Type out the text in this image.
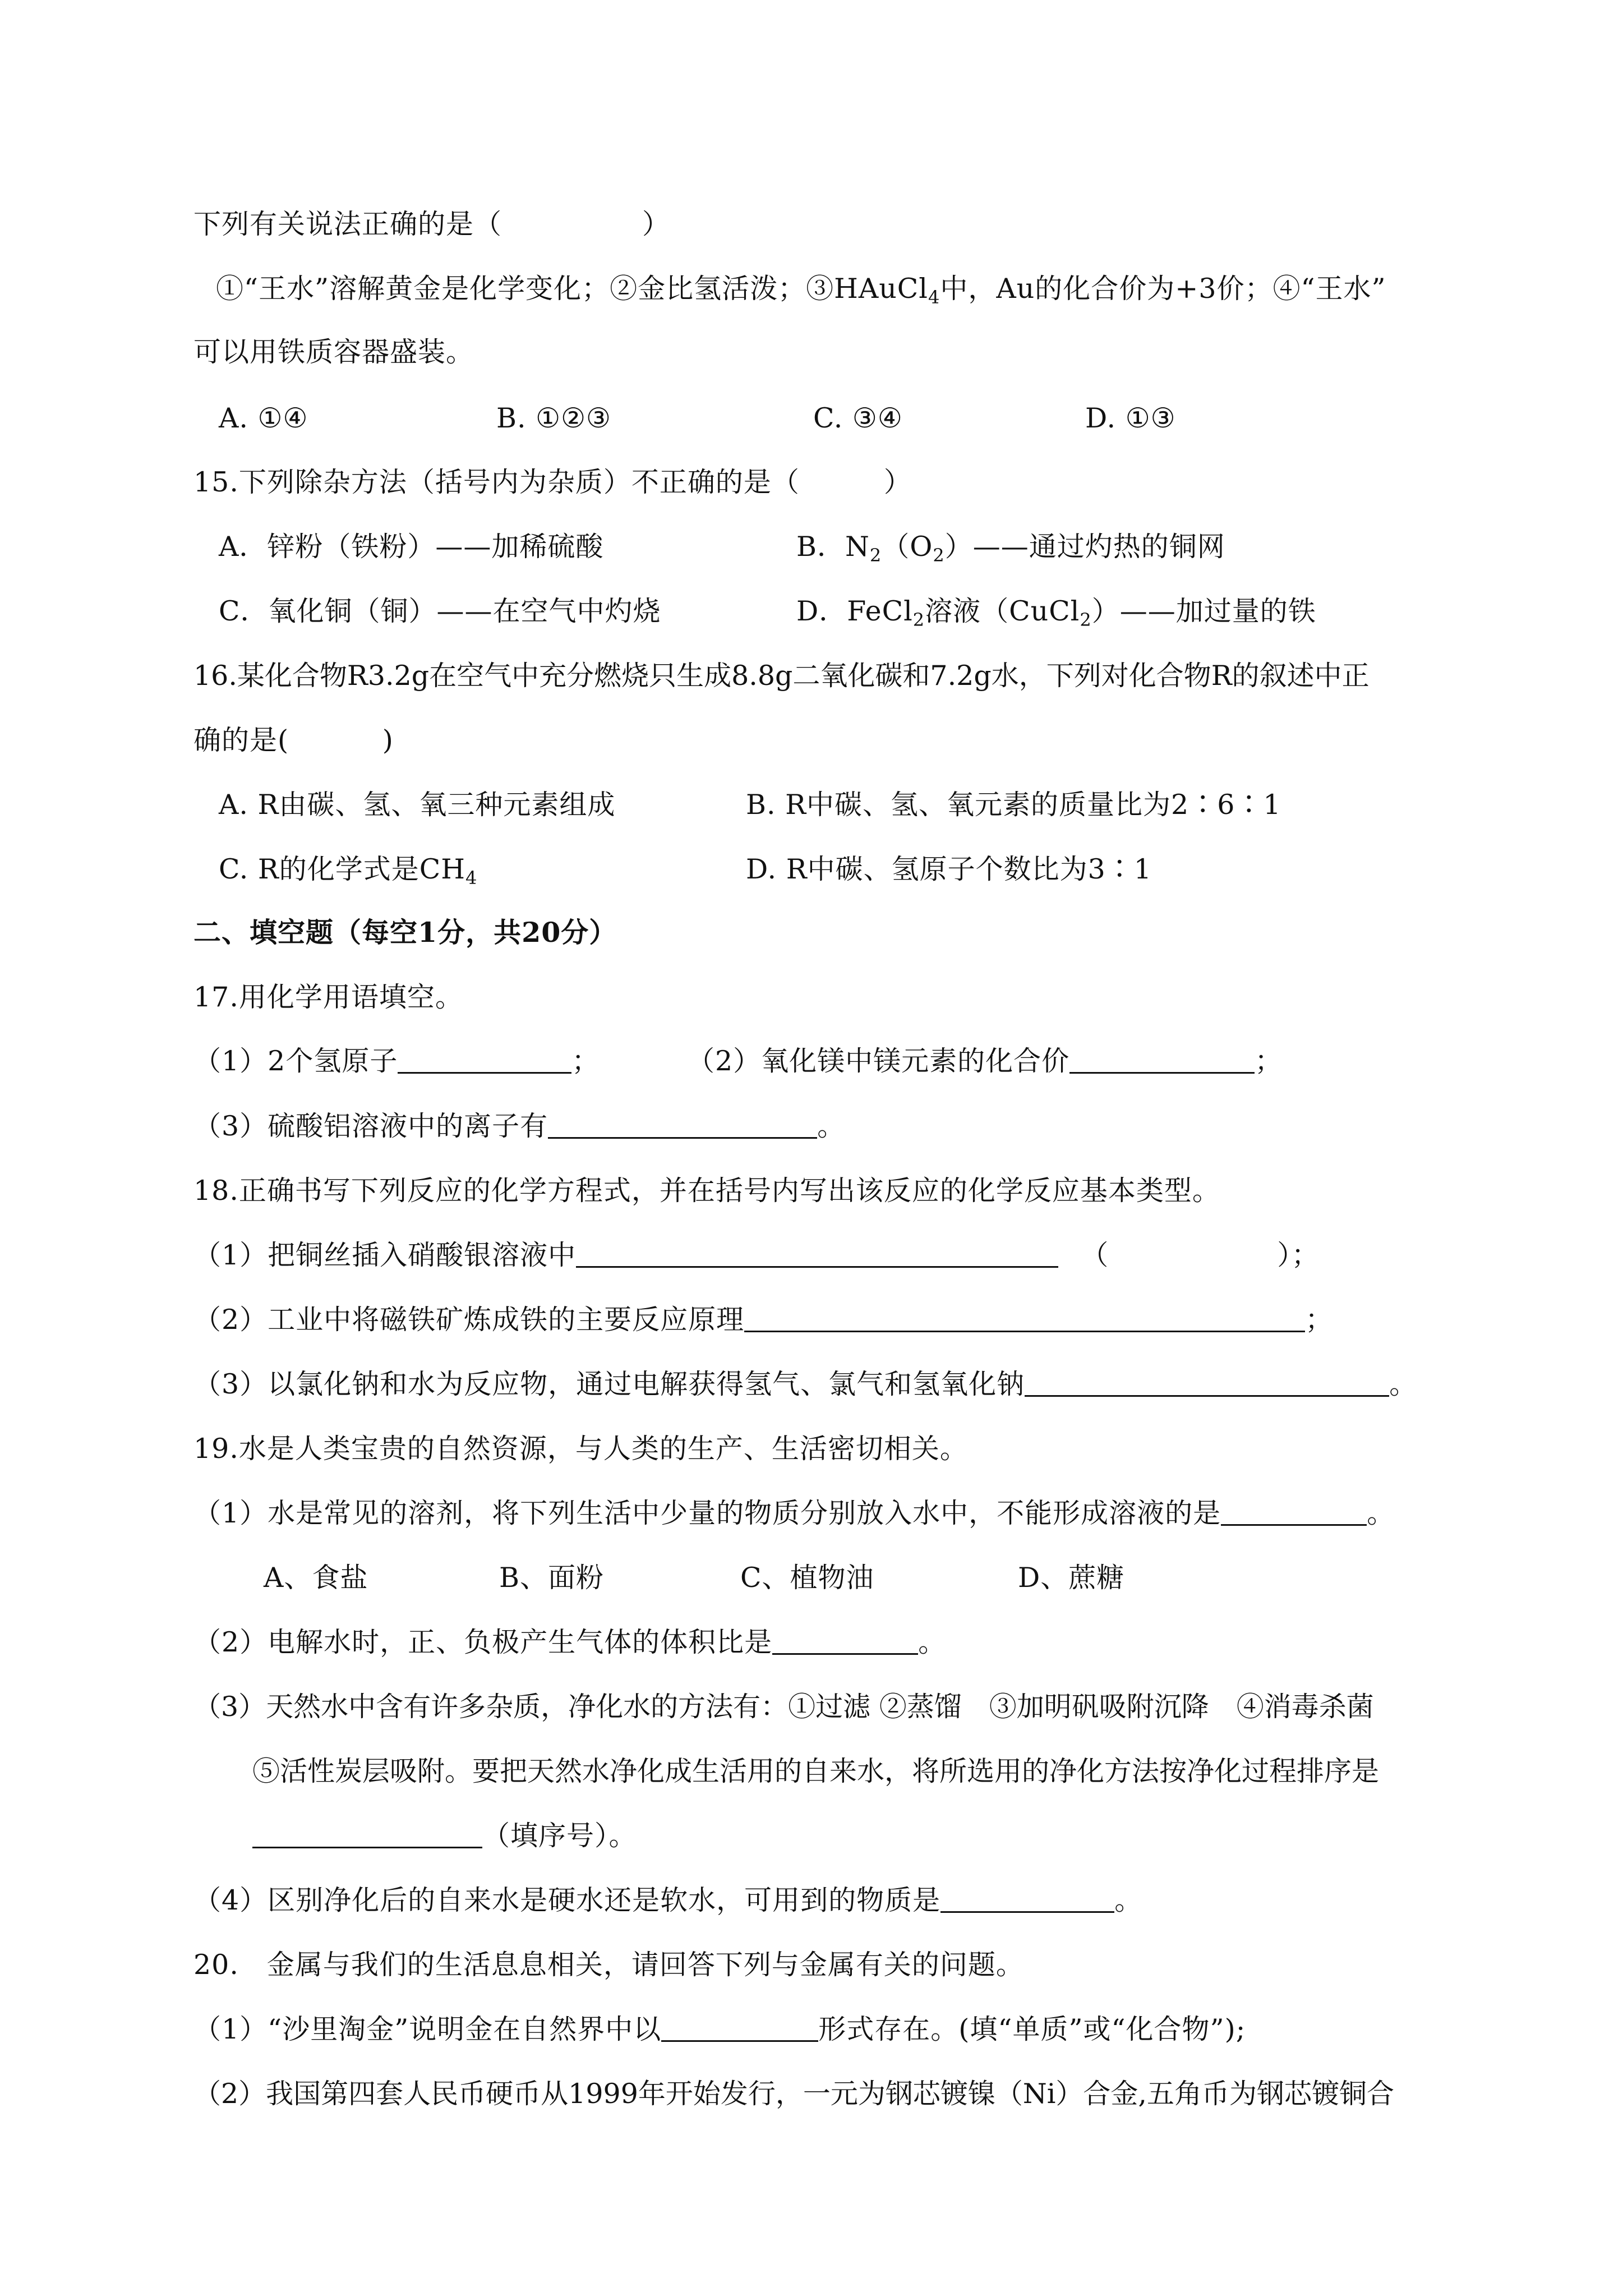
下列有关说法正确的是（　　　　　）
①“王水”溶解黄金是化学变化；②金比氢活泼；③HAuCl$_4$中，Au的化合价为+3价；④“王水”
可以用铁质容器盛装。
A. ①④	B. ①②③	C. ③④	D. ①③
15.下列除杂方法（括号内为杂质）不正确的是（　　　）
A．锌粉（铁粉）——加稀硫酸	B．$N_2(O_2)——$通过灼热的铜网
C．氧化铜（铜）——在空气中灼烧	D．FeCl$_2$溶液（CuCl$_2$）——加过量的铁
16.某化合物R3.2g在空气中充分燃烧只生成8.8g二氧化碳和7.2g水，下列对化合物R的叙述中正
确的是(　　　 )
A. R由碳、氢、氧三种元素组成	B. R中碳、氢、氧元素的质量比为2∶6∶1
C. R的化学式是$CH_4$	D. R中碳、氢原子个数比为3∶1
二、填空题（每空1分，共20分）
17.用化学用语填空。
（1）2个氢原子	；	（2）氧化镁中镁元素的化合价	；
（3）硫酸铝溶液中的离子有	。
18.正确书写下列反应的化学方程式，并在括号内写出该反应的化学反应基本类型。
（1）把铜丝插入硝酸银溶液中	（　　　　　　）；
（2）工业中将磁铁矿炼成铁的主要反应原理	；
（3）以氯化钠和水为反应物，通过电解获得氢气、氯气和氢氧化钠	。
19.水是人类宝贵的自然资源，与人类的生产、生活密切相关。
（1）水是常见的溶剂，将下列生活中少量的物质分别放入水中，不能形成溶液的是	。
A、食盐	B、面粉	C、植物油	D、蔗糖
（2）电解水时，正、负极产生气体的体积比是	。
（3）天然水中含有许多杂质，净化水的方法有：①过滤 ②蒸馏　③加明矾吸附沉降　④消毒杀菌
⑤活性炭层吸附。要把天然水净化成生活用的自来水，将所选用的净化方法按净化过程排序是
（填序号）。
（4）区别净化后的自来水是硬水还是软水，可用到的物质是	。
20.　金属与我们的生活息息相关，请回答下列与金属有关的问题。
（1）“沙里淘金”说明金在自然界中以	形式存在。(填“单质”或“化合物”);
（2）我国第四套人民币硬币从1999年开始发行，一元为钢芯镀镍（Ni）合金,五角币为钢芯镀铜合
